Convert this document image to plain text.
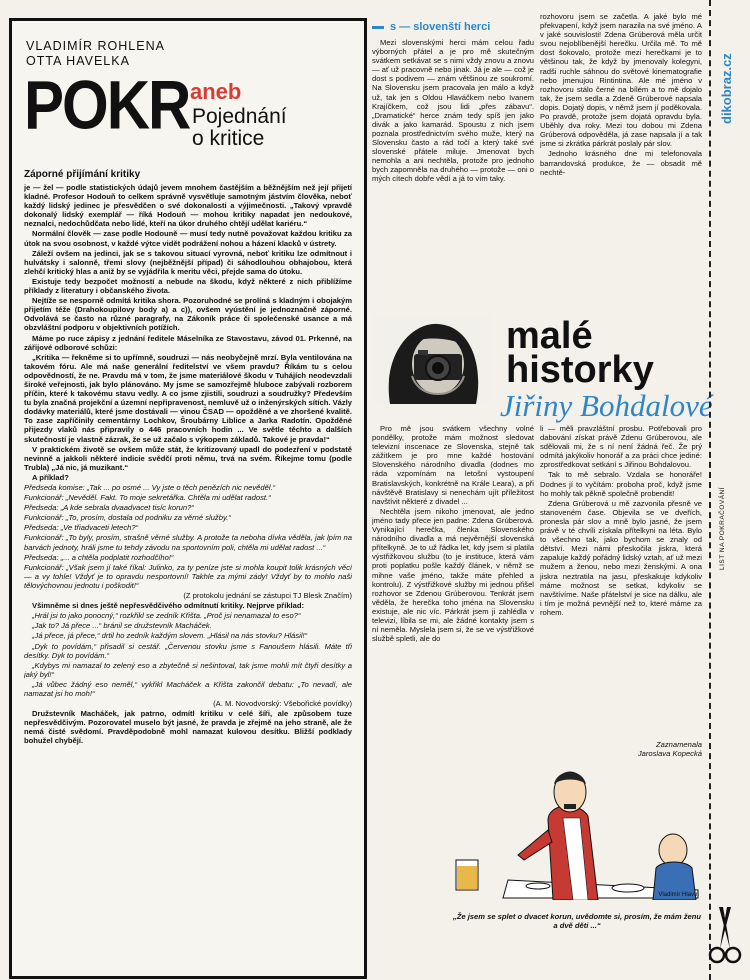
VLADIMÍR ROHLENA
OTTA HAVELKA
POKR aneb
Pojednání
o kritice
Záporné přijímání kritiky

je — žel — podle statistických údajů jevem mnohem častějším a běžnějším než její přijetí kladné. Profesor Hodouň to celkem správně vysvětluje samotným jástvím člověka, neboť každý lidský jedinec je přesvědčen o své dokonalosti a výjimečnosti. „Takový vpravdě dokonalý lidský exemplář — říká Hodouň — mohou kritiky napadat jen nedoukové, neznalci, nedochůdčata nebo lidé, kteří na úkor druhého chtějí udělat kariéru.“

Normální člověk — zase podle Hodouně — musí tedy nutně považovat každou kritiku za útok na svou osobnost, v každé výtce vidět podrážení nohou a házení klacků v ústrety.

Záleží ovšem na jedinci, jak se s takovou situací vyrovná, neboť kritiku lze odmítnout i hulvátsky i salonně, třemi slovy (nejběžnější případ) či sáhodlouhou obhajobou, která zlehčí kritický hlas a aniž by se vyjádřila k meritu věci, přejde sama do útoku.

Existuje tedy bezpočet možností a nebude na škodu, když některé z nich přiblížíme příklady z literatury i občanského života.

Nejtíže se nesporně odmítá kritika shora. Pozoruhodné se prolíná s kladným i obojakým přijetím téže (Drahokoupilovy body a) a c)), ovšem vyústění je jednoznačně záporné. Odvolává se často na různé paragrafy, na Zákoník práce či společenské usance a má obzvláštní podporu v objektivních potížích.

Máme po ruce zápisy z jednání ředitele Máselníka ze Stavostavu, závod 01. Prkenné, na zářijové odborové schůzi:

„Kritika — řekněme si to upřímně, soudruzi — nás neobyčejně mrzí. Byla ventilována na takovém fóru. Ale má naše generální ředitelství ve všem pravdu? Říkám tu s celou odpovědností, že ne. Pravdu má v tom, že jsme materiálové škodu v Tuhájích neodevzdali široké veřejnosti, jak bylo plánováno. My jsme se samozřejmě hluboce zabývali rozborem příčin, které k takovému stavu vedly. A co jsme zjistili, soudruzi a soudružky? Především tu byla značná projekční a územní nepřipravenost, nemluvě už o inženýrských sítích. Vázly dodávky materiálů, které jsme dostávali — vinou ČSAD — opožděné a ve zhoršené kvalitě. To zase zapříčinily cementárny Lochkov, Šroubárny Liblice a Jarka Radotín. Opožděné přijezdy vlaků nás připravily o 446 pracovních hodin ... Ve světle těchto a dalších skutečností je vlastně zázrak, že se už začalo s výkopem základů. Takové je pravda!“

V praktickém životě se ovšem může stát, že kritizovaný upadl do podezření v podstatě nevinně a jakkoli některé indicie svědčí proti němu, trvá na svém. Říkejme tomu (podle Trubla) „Já nic, já muzikant.“

A příklad?

Předseda komise: „Tak ... po osmé ... Vy jste o těch penězích nic nevěděl.“

Funkcionář: „Nevěděl. Fakt. To moje sekretářka. Chtěla mi udělat radost.“

Předseda: „A kde sebrala dvaadvacet tisíc korun?“

Funkcionář: „To, prosím, dostala od podniku za věrné služby.“

Předseda: „Ve třiadvaceti letech?“

Funkcionář: „To byly, prosím, strašně věrné služby. A protože ta neboha dívka věděla, jak lpím na barvách jednoty, hráli jsme tu tehdy závodu na sportovním poli, chtěla mi udělat radost ...“

Předseda: „... a chtěla podplatit rozhodčího!“

Funkcionář: „Však jsem jí také říkal: Julinko, za ty peníze jste si mohla koupit tolik krásných věcí — a vy tohle! Vždyť je to opravdu nesportovní! Takhle za mými zády! Vždyť by to mohlo naši tělovýchovnou jednotu i poškodit!“

(Z protokolu jednání se zástupci TJ Blesk Značím)

Všimněme si dnes ještě nepřesvědčivého odmítnutí kritiky. Nejprve příklad:

„Hrál jsi to jako ponocný,“ rozkřikl se zedník Křišta. „Proč jsi nenamazal to eso?“

„Jak to? Já přece ...“ bránil se družstevník Macháček.

„Já přece, já přece,“ drtil ho zedník každým slovem. „Hlásil na nás stovku? Hlásil!“

„Dyk to povídám,“ přisadil si cestář. „Červenou stovku jsme s Fanoušem hlásili. Máte tři desítky. Dyk to povídám.“

„Kdybys mi namazal to zelený eso a zbytečně si nešintoval, tak jsme mohli mít čtyři desítky a jaký byl!“

„Já vůbec žádný eso neměl,“ vykřikl Macháček a Křišta zakončil debatu: „To nevadí, ale namazat jsi ho moh!“

(A. M. Novodvorský: Všebořické povídky)

Družstevník Macháček, jak patrno, odmítl kritiku v celé šíři, ale způsobem tuze nepřesvědčivým. Pozorovatel muselo být jasné, že pravda je zřejmě na jeho straně, ale že nemá čisté svědomí. Pravděpodobně mohl namazat kulovou desítku. Bližší podklady bohužel chybějí.

s — slovenští herci

Mezi slovenskými herci mám celou řadu výborných přátel a je pro mě skutečným svátkem setkávat se s nimi vždy znovu a znovu — ať už pracovně nebo jinak. Já je ale — což je dost s podivem — znám většinou ze soukromí. Na Slovensku jsem pracovala jen málo a když už, tak jen s Oldou Hlaváčkem nebo Ivanem Krajíčkem, což jsou lidi „přes zábavu“. „Dramatické“ herce znám tedy spíš jen jako divák a jako kamarád. Spoustu z nich jsem poznala prostřednictvím svého muže, který na Slovensku často a rád točí a který také své slovenské přátele miluje. Jmenovat bych nemohla a ani nechtěla, protože pro jednoho bych zapomněla na druhého — protože — oni o mých cítech dobře vědí a já to vím taky.

rozhovoru jsem se začetla. A jaké bylo mé překvapení, když jsem narazila na své jméno. A v jaké souvislosti! Zdena Grúberová měla určit svou nejoblíbenější herečku. Určila mě. To mě dost šokovalo, protože mezi herečkami je to většinou tak, že když by jmenovaly kolegyni, radši ruchle sáhnou do světové kinematografie nebo jmenujou Rintintina. Ale mé jméno v rozhovoru stálo černé na bílém a to mě dojalo tak, že jsem sedla a Zdeně Grúberové napsala dopis. Dojatý dopis, v němž jsem jí poděkovala. Po pravdě, protože jsem dojatá opravdu byla. Uběhly dva roky. Mezi tou dobou mi Zdena Grúberová odpověděla, já zase napsala jí a tak jsme si zkrátka párkrát poslaly pár slov.

Jednoho krásného dne mi telefonovala barrandovská produkce, že — obsadit mě nechtě-

malé
historky
Jiřiny Bohdalové

Pro mě jsou svátkem všechny volné pondělky, protože mám možnost sledovat televizní inscenace ze Slovenska, stejně tak zážitkem je pro mne každé hostování Slovenského národního divadla (dodnes mo ráda vzpomínám na letošní vystoupení Bratislavských, konkrétně na Krále Leara), a při návštěvě Bratislavy si nenechám ujít příležitost navštívit některé z divadel ...

Nechtěla jsem nikoho jmenovat, ale jedno jméno tady přece jen padne: Zdena Grúberová. Vynikající herečka, členka Slovenského národního divadla a má nejvěrnější slovenská přítelkyně. Je to už řádka let, kdy jsem si platila výstřižkovou službu (to je instituce, která vám proti poplatku pošle každý článek, v němž se mihne vaše jméno, takže máte přehled a kontrolu). Z výstřižkové služby mi jednou přišel rozhovor se Zdenou Grúberovou. Tenkrát jsem věděla, že herečka toho jména na Slovensku existuje, ale nic víc. Párkrát jsem ji zahlédla v televizi, líbila se mi, ale žádné kontakty jsem s ní neměla. Myslela jsem si, že se ve výstřižkové službě spletli, ale do

li — měli pravzláštní prosbu. Potřebovali pro dabování získat právě Zdenu Grúberovou, ale sdělovali mi, že s ní není žádná řeč. Že prý odmítá jakýkoliv honorář a za práci chce jediné: zprostředkovat setkání s Jiřinou Bohdalovou.

Tak to mě sebralo. Vzdala se honoráře! Dodnes jí to vyčítám: proboha proč, když jsme ho mohly tak pěkně společně probendit!

Zdena Grúberová u mě zazvonila přesně ve stanoveném čase. Objevila se ve dveřích, pronesla pár slov a mně bylo jasné, že jsem právě v té chvíli získala přítelkyni na léta. Bylo to všechno tak, jako bychom se znaly od dětství. Mezi námi přeskočila jiskra, která zapaluje každý pořádný lidský vztah, ať už mezi mužem a ženou, nebo mezi ženskými. A ona jiskra neztratila na jasu, přeskakuje kdykoliv máme možnost se setkat, kdykoliv se navštívíme. Naše přátelství je sice na dálku, ale i tím je možná pevnější než to, které máme za rohem.

Zaznamenala
Jaroslava Kopecká
Vladimír Hlavín
„Že jsem se splet o dvacet korun, uvědomte si, prosím, že mám ženu a dvě děti ...“
dikobraz.cz
LIST NA POKRAČOVÁNÍ
